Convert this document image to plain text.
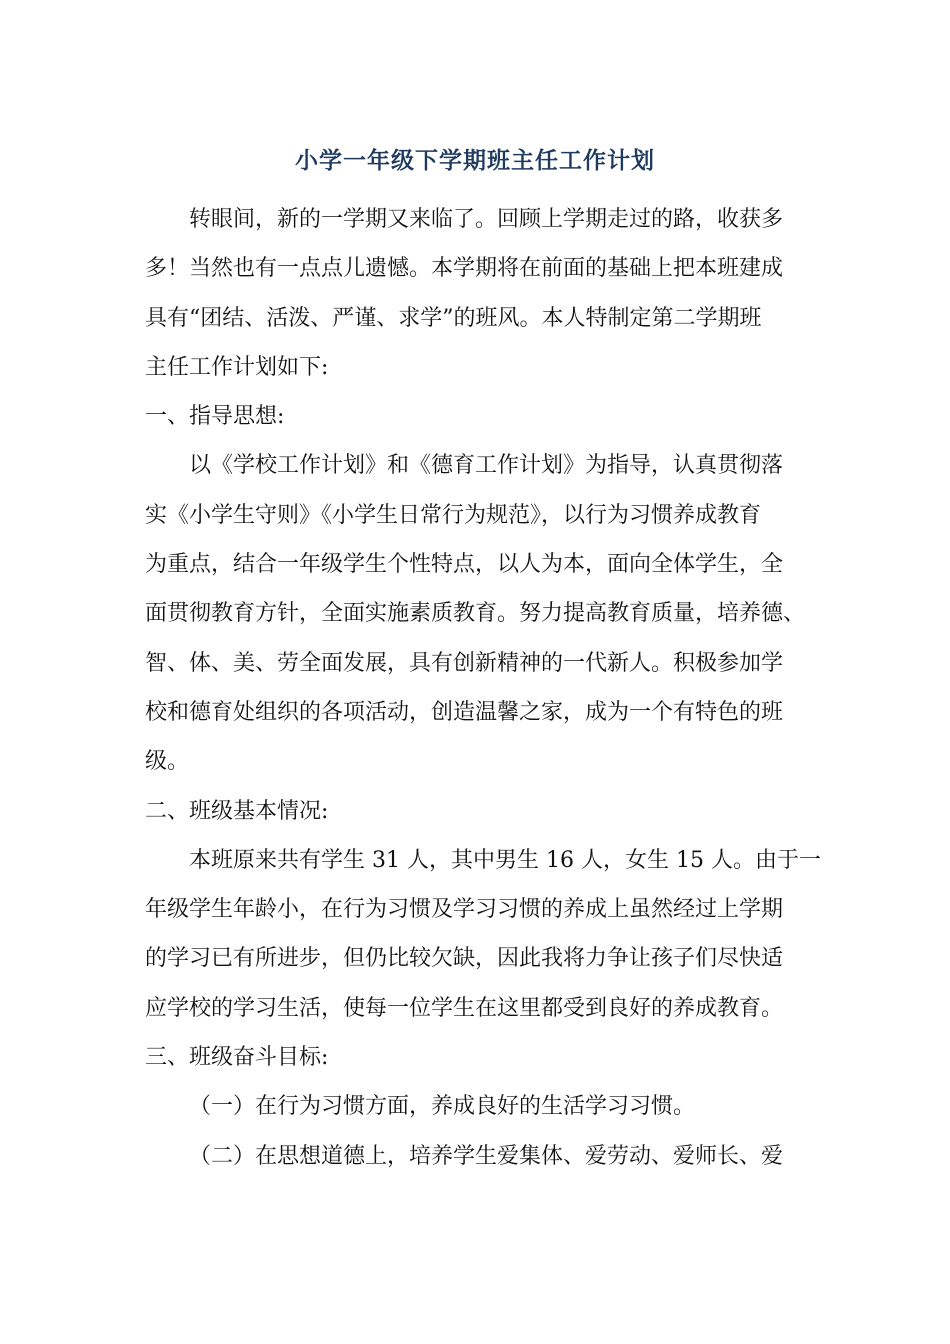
小学一年级下学期班主任工作计划
转眼间，新的一学期又来临了。回顾上学期走过的路，收获多
多！当然也有一点点儿遗憾。本学期将在前面的基础上把本班建成
具有“团结、活泼、严谨、求学”的班风。本人特制定第二学期班
主任工作计划如下:
一、指导思想:
以《学校工作计划》和《德育工作计划》为指导，认真贯彻落
实《小学生守则》《小学生日常行为规范》，以行为习惯养成教育
为重点，结合一年级学生个性特点，以人为本，面向全体学生，全
面贯彻教育方针，全面实施素质教育。努力提高教育质量，培养德、
智、体、美、劳全面发展，具有创新精神的一代新人。积极参加学
校和德育处组织的各项活动，创造温馨之家，成为一个有特色的班
级。
二、班级基本情况:
本班原来共有学生 31 人，其中男生 16 人，女生 15 人。由于一
年级学生年龄小，在行为习惯及学习习惯的养成上虽然经过上学期
的学习已有所进步，但仍比较欠缺，因此我将力争让孩子们尽快适
应学校的学习生活，使每一位学生在这里都受到良好的养成教育。
三、班级奋斗目标:
（一）在行为习惯方面，养成良好的生活学习习惯。
（二）在思想道德上，培养学生爱集体、爱劳动、爱师长、爱
